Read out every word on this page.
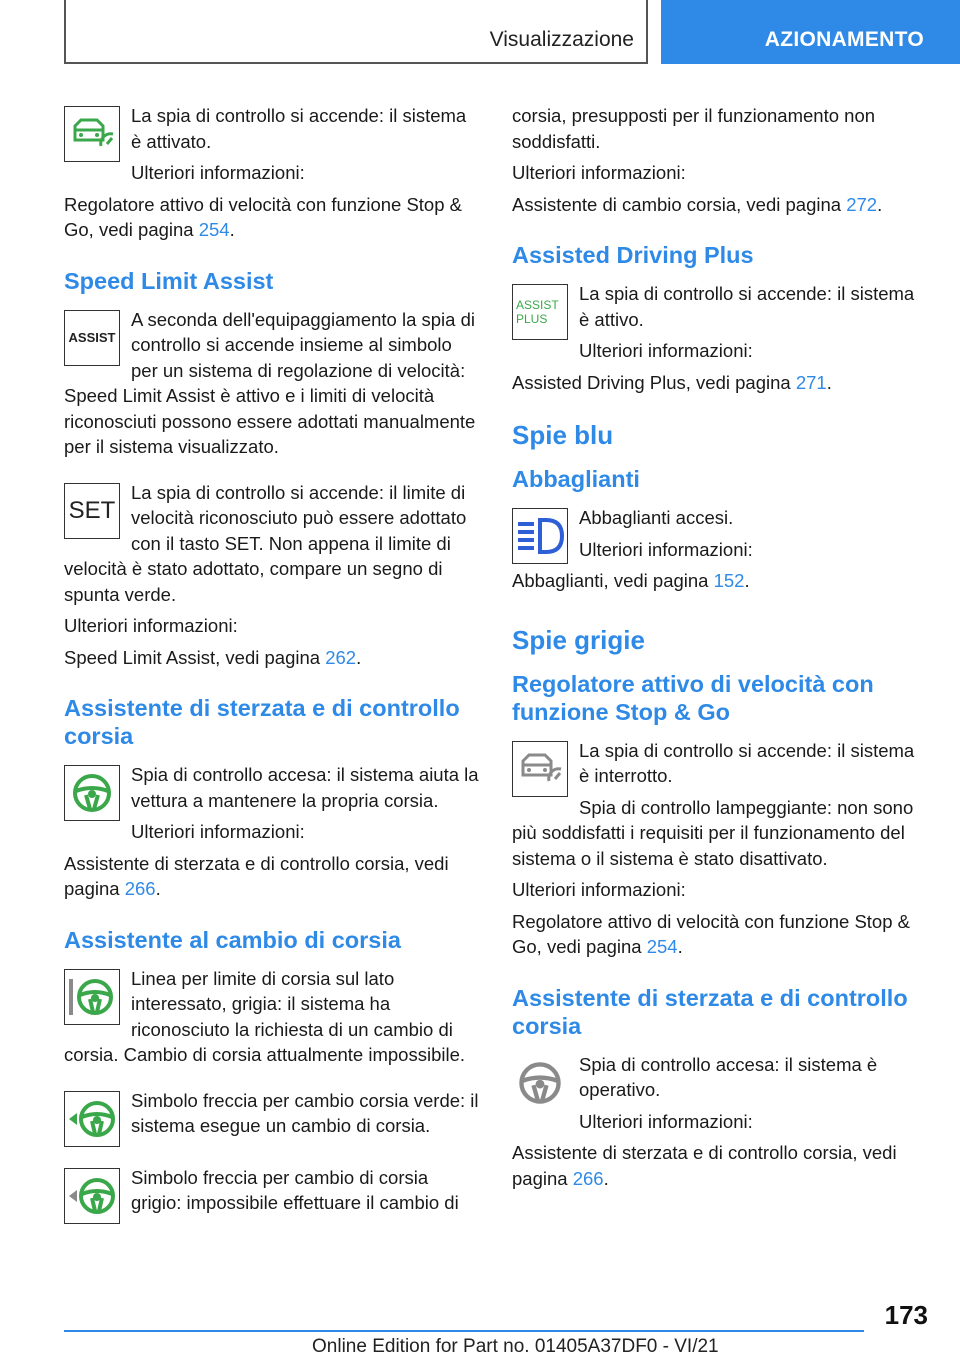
Visualizzazione	AZIONAMENTO
La spia di controllo si accende: il sistema è attivato.
Ulteriori informazioni:
Regolatore attivo di velocità con funzione Stop & Go, vedi pagina 254.
Speed Limit Assist
ASSIST
A seconda dell'equipaggiamento la spia di controllo si accende insieme al simbolo per un sistema di regolazione di velocità: Speed Limit Assist è attivo e i limiti di velocità riconosciuti possono essere adottati manualmente per il sistema visualizzato.
SET
La spia di controllo si accende: il limite di velocità riconosciuto può essere adottato con il tasto SET. Non appena il limite di velocità è stato adottato, compare un segno di spunta verde.
Ulteriori informazioni:
Speed Limit Assist, vedi pagina 262.
Assistente di sterzata e di controllo corsia
Spia di controllo accesa: il sistema aiuta la vettura a mantenere la propria corsia.
Ulteriori informazioni:
Assistente di sterzata e di controllo corsia, vedi pagina 266.
Assistente al cambio di corsia
Linea per limite di corsia sul lato interessato, grigia: il sistema ha riconosciuto la richiesta di un cambio di corsia. Cambio di corsia attualmente impossibile.
Simbolo freccia per cambio corsia verde: il sistema esegue un cambio di corsia.
Simbolo freccia per cambio di corsia grigio: impossibile effettuare il cambio di
corsia, presupposti per il funzionamento non soddisfatti.
Ulteriori informazioni:
Assistente di cambio corsia, vedi pagina 272.
Assisted Driving Plus
ASSIST
PLUS
La spia di controllo si accende: il sistema è attivo.
Ulteriori informazioni:
Assisted Driving Plus, vedi pagina 271.
Spie blu
Abbaglianti
Abbaglianti accesi.
Ulteriori informazioni:
Abbaglianti, vedi pagina 152.
Spie grigie
Regolatore attivo di velocità con funzione Stop & Go
La spia di controllo si accende: il sistema è interrotto.
Spia di controllo lampeggiante: non sono più soddisfatti i requisiti per il funzionamento del sistema o il sistema è stato disattivato.
Ulteriori informazioni:
Regolatore attivo di velocità con funzione Stop & Go, vedi pagina 254.
Assistente di sterzata e di controllo corsia
Spia di controllo accesa: il sistema è operativo.
Ulteriori informazioni:
Assistente di sterzata e di controllo corsia, vedi pagina 266.
173
Online Edition for Part no. 01405A37DF0 - VI/21
